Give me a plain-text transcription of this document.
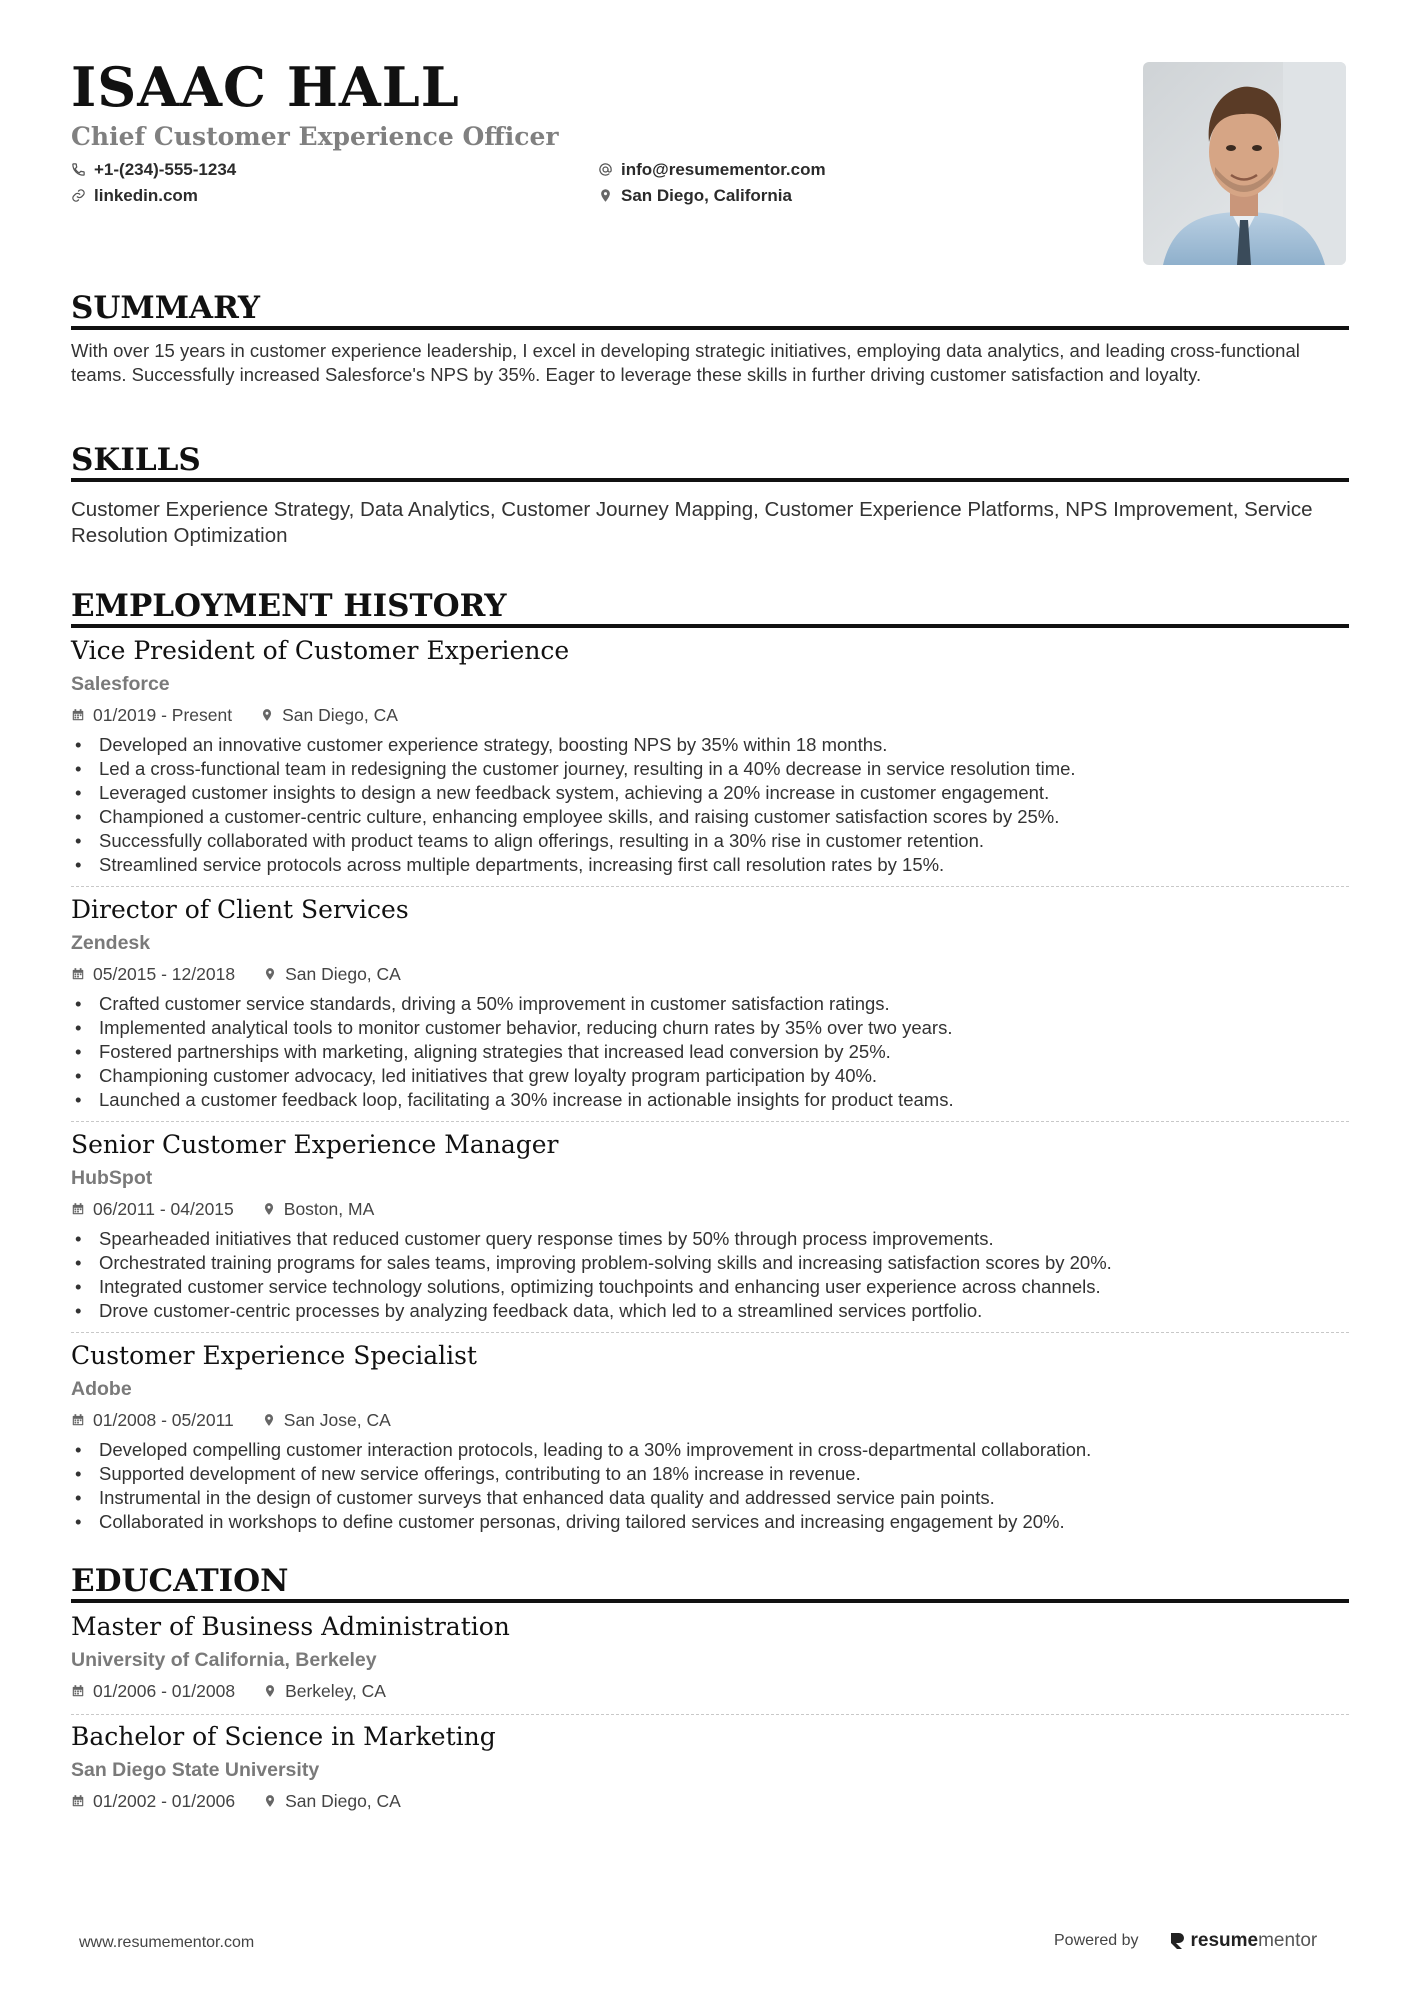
ISAAC HALL
Chief Customer Experience Officer
+1-(234)-555-1234
linkedin.com
info@resumementor.com
San Diego, California
SUMMARY
With over 15 years in customer experience leadership, I excel in developing strategic initiatives, employing data analytics, and leading cross-functional teams. Successfully increased Salesforce's NPS by 35%. Eager to leverage these skills in further driving customer satisfaction and loyalty.
SKILLS
Customer Experience Strategy, Data Analytics, Customer Journey Mapping, Customer Experience Platforms, NPS Improvement, Service Resolution Optimization
EMPLOYMENT HISTORY
Vice President of Customer Experience
Salesforce
01/2019 - Present	San Diego, CA
• Developed an innovative customer experience strategy, boosting NPS by 35% within 18 months.
• Led a cross-functional team in redesigning the customer journey, resulting in a 40% decrease in service resolution time.
• Leveraged customer insights to design a new feedback system, achieving a 20% increase in customer engagement.
• Championed a customer-centric culture, enhancing employee skills, and raising customer satisfaction scores by 25%.
• Successfully collaborated with product teams to align offerings, resulting in a 30% rise in customer retention.
• Streamlined service protocols across multiple departments, increasing first call resolution rates by 15%.
Director of Client Services
Zendesk
05/2015 - 12/2018	San Diego, CA
• Crafted customer service standards, driving a 50% improvement in customer satisfaction ratings.
• Implemented analytical tools to monitor customer behavior, reducing churn rates by 35% over two years.
• Fostered partnerships with marketing, aligning strategies that increased lead conversion by 25%.
• Championing customer advocacy, led initiatives that grew loyalty program participation by 40%.
• Launched a customer feedback loop, facilitating a 30% increase in actionable insights for product teams.
Senior Customer Experience Manager
HubSpot
06/2011 - 04/2015	Boston, MA
• Spearheaded initiatives that reduced customer query response times by 50% through process improvements.
• Orchestrated training programs for sales teams, improving problem-solving skills and increasing satisfaction scores by 20%.
• Integrated customer service technology solutions, optimizing touchpoints and enhancing user experience across channels.
• Drove customer-centric processes by analyzing feedback data, which led to a streamlined services portfolio.
Customer Experience Specialist
Adobe
01/2008 - 05/2011	San Jose, CA
• Developed compelling customer interaction protocols, leading to a 30% improvement in cross-departmental collaboration.
• Supported development of new service offerings, contributing to an 18% increase in revenue.
• Instrumental in the design of customer surveys that enhanced data quality and addressed service pain points.
• Collaborated in workshops to define customer personas, driving tailored services and increasing engagement by 20%.
EDUCATION
Master of Business Administration
University of California, Berkeley
01/2006 - 01/2008	Berkeley, CA
Bachelor of Science in Marketing
San Diego State University
01/2002 - 01/2006	San Diego, CA
www.resumementor.com	Powered by	resume mentor
